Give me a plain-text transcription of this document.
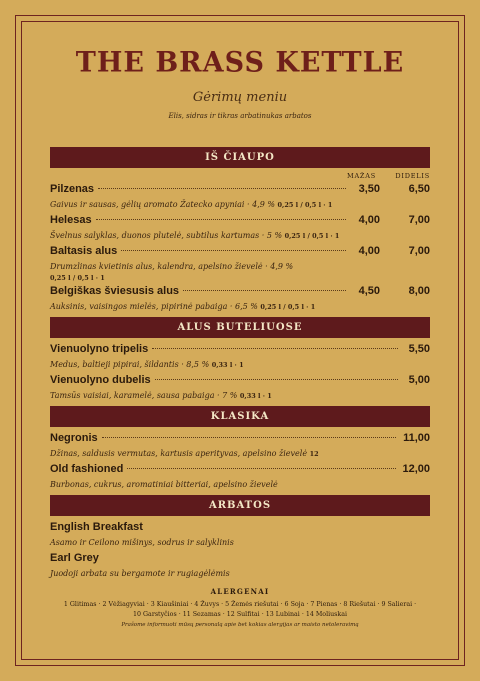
THE BRASS KETTLE
Gėrimų meniu
Elis, sidras ir tikras arbatinukas arbatos
IŠ ČIAUPO
MAŽAS	DIDELIS
Pilzenas	3,50	6,50
Gaivus ir sausas, gėlių aromato Žatecko apyniai · 4,9 % 0,25 l / 0,5 l · 1
Helesas	4,00	7,00
Švelnus salyklas, duonos plutelė, subtilus kartumas · 5 % 0,25 l / 0,5 l · 1
Baltasis alus	4,00	7,00
Drumzlinas kvietinis alus, kalendra, apelsino žievelė · 4,9 % 0,25 l / 0,5 l · 1
Belgiškas šviesusis alus	4,50	8,00
Auksinis, vaisingos mielės, pipirinė pabaiga · 6,5 % 0,25 l / 0,5 l · 1
ALUS BUTELIUOSE
Vienuolyno tripelis	5,50
Medus, baltieji pipirai, šildantis · 8,5 % 0,33 l · 1
Vienuolyno dubelis	5,00
Tamsūs vaisiai, karamelė, sausa pabaiga · 7 % 0,33 l · 1
KLASIKA
Negronis	11,00
Džinas, saldusis vermutas, kartusis aperityvas, apelsino žievelė 12
Old fashioned	12,00
Burbonas, cukrus, aromatiniai bitteriai, apelsino žievelė
ARBATOS
English Breakfast
Asamo ir Ceilono mišinys, sodrus ir salyklinis
Earl Grey
Juodoji arbata su bergamote ir rugiagėlėmis
ALERGENAI
1 Glitimas · 2 Vėžiagyviai · 3 Kiaušiniai · 4 Žuvys · 5 Žemės riešutai · 6 Soja · 7 Pienas · 8 Riešutai · 9 Salierai ·
10 Garstyčios · 11 Sezamas · 12 Sulfitai · 13 Lubinai · 14 Moliuskai
Prašome informuoti mūsų personalą apie bet kokias alergijas ar maisto netoleravimą
